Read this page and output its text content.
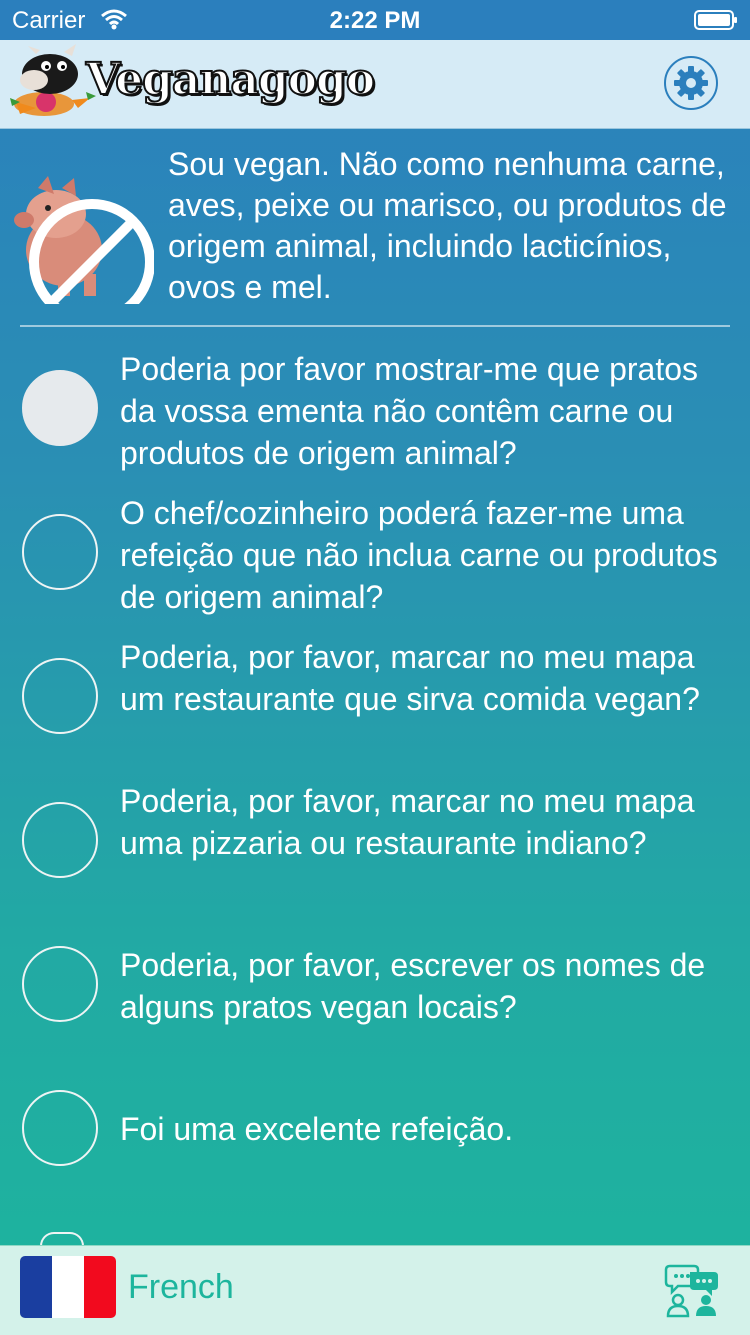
Carrier	2:22 PM
Veganagogo
Sou vegan. Não como nenhuma carne, aves, peixe ou marisco, ou produtos de origem animal, incluindo lacticínios, ovos e mel.
Poderia por favor mostrar-me que pratos da vossa ementa não contêm carne ou produtos de origem animal?
O chef/cozinheiro poderá fazer-me uma refeição que não inclua carne ou produtos de origem animal?
Poderia, por favor, marcar no meu mapa um restaurante que sirva comida vegan?
Poderia, por favor, marcar no meu mapa uma pizzaria ou restaurante indiano?
Poderia, por favor, escrever os nomes de alguns pratos vegan locais?
Foi uma excelente refeição.
French
